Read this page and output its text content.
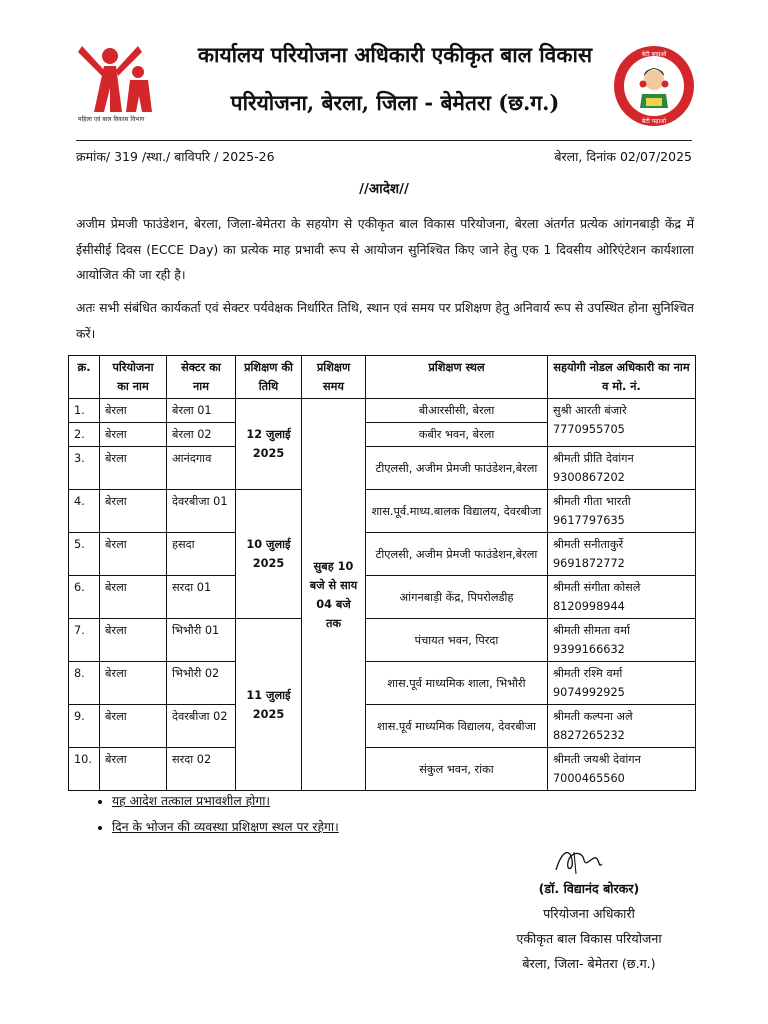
महिला एवं बाल विकास विभाग
कार्यालय परियोजना अधिकारी एकीकृत बाल विकास
परियोजना, बेरला, जिला - बेमेतरा (छ.ग.)
बेटी बचाओ
बेटी पढ़ाओ
क्रमांक/ 319 /स्था./ बाविपरि / 2025-26	बेरला, दिनांक 02/07/2025
//आदेश//
अजीम प्रेमजी फाउंडेशन, बेरला, जिला-बेमेतरा के सहयोग से एकीकृत बाल विकास परियोजना, बेरला अंतर्गत प्रत्येक आंगनबाड़ी केंद्र में ईसीसीई दिवस (ECCE Day) का प्रत्येक माह प्रभावी रूप से आयोजन सुनिश्चित किए जाने हेतु एक 1 दिवसीय ओरिएंटेशन कार्यशाला आयोजित की जा रही है।
अतः सभी संबंधित कार्यकर्ता एवं सेक्टर पर्यवेक्षक निर्धारित तिथि, स्थान एवं समय पर प्रशिक्षण हेतु अनिवार्य रूप से उपस्थित होना सुनिश्चित करें।
क्र.	परियोजना का नाम	सेक्टर का नाम	प्रशिक्षण की तिथि	प्रशिक्षण समय	प्रशिक्षण स्थल	सहयोगी नोडल अधिकारी का नाम व मो. नं.
1.	बेरला	बेरला 01	12 जुलाई 2025	सुबह 10 बजे से साय 04 बजे तक	बीआरसीसी, बेरला	सुश्री आरती बंजारे
7770955705

2.	बेरला	बेरला 02			कबीर भवन, बेरला	
3.	बेरला	आनंदगाव			टीएलसी, अजीम प्रेमजी फाउंडेशन,बेरला	श्रीमती प्रीति देवांगन
9300867202

4.	बेरला	देवरबीजा 01	10 जुलाई 2025		शास.पूर्व.माध्य.बालक विद्यालय, देवरबीजा	श्रीमती गीता भारती
9617797635

5.	बेरला	हसदा			टीएलसी, अजीम प्रेमजी फाउंडेशन,बेरला	श्रीमती सनीताकुर्रे
9691872772

6.	बेरला	सरदा 01			आंगनबाड़ी केंद्र, पिपरोलडीह	श्रीमती संगीता कोसले
8120998944

7.	बेरला	भिभौरी 01	11 जुलाई 2025		पंचायत भवन, पिरदा	श्रीमती सीमता वर्मा
9399166632

8.	बेरला	भिभौरी 02			शास.पूर्व माध्यमिक शाला, भिभौरी	श्रीमती रश्मि वर्मा
9074992925

9.	बेरला	देवरबीजा 02			शास.पूर्व माध्यमिक विद्यालय, देवरबीजा	श्रीमती कल्पना अले
8827265232

10.	बेरला	सरदा 02			संकुल भवन, रांका	श्रीमती जयश्री देवांगन
7000465560
• यह आदेश तत्काल प्रभावशील होगा।
• दिन के भोजन की व्यवस्था प्रशिक्षण स्थल पर रहेगा।
(डॉ. विद्यानंद बोरकर)
परियोजना अधिकारी
एकीकृत बाल विकास परियोजना
बेरला, जिला- बेमेतरा (छ.ग.)
